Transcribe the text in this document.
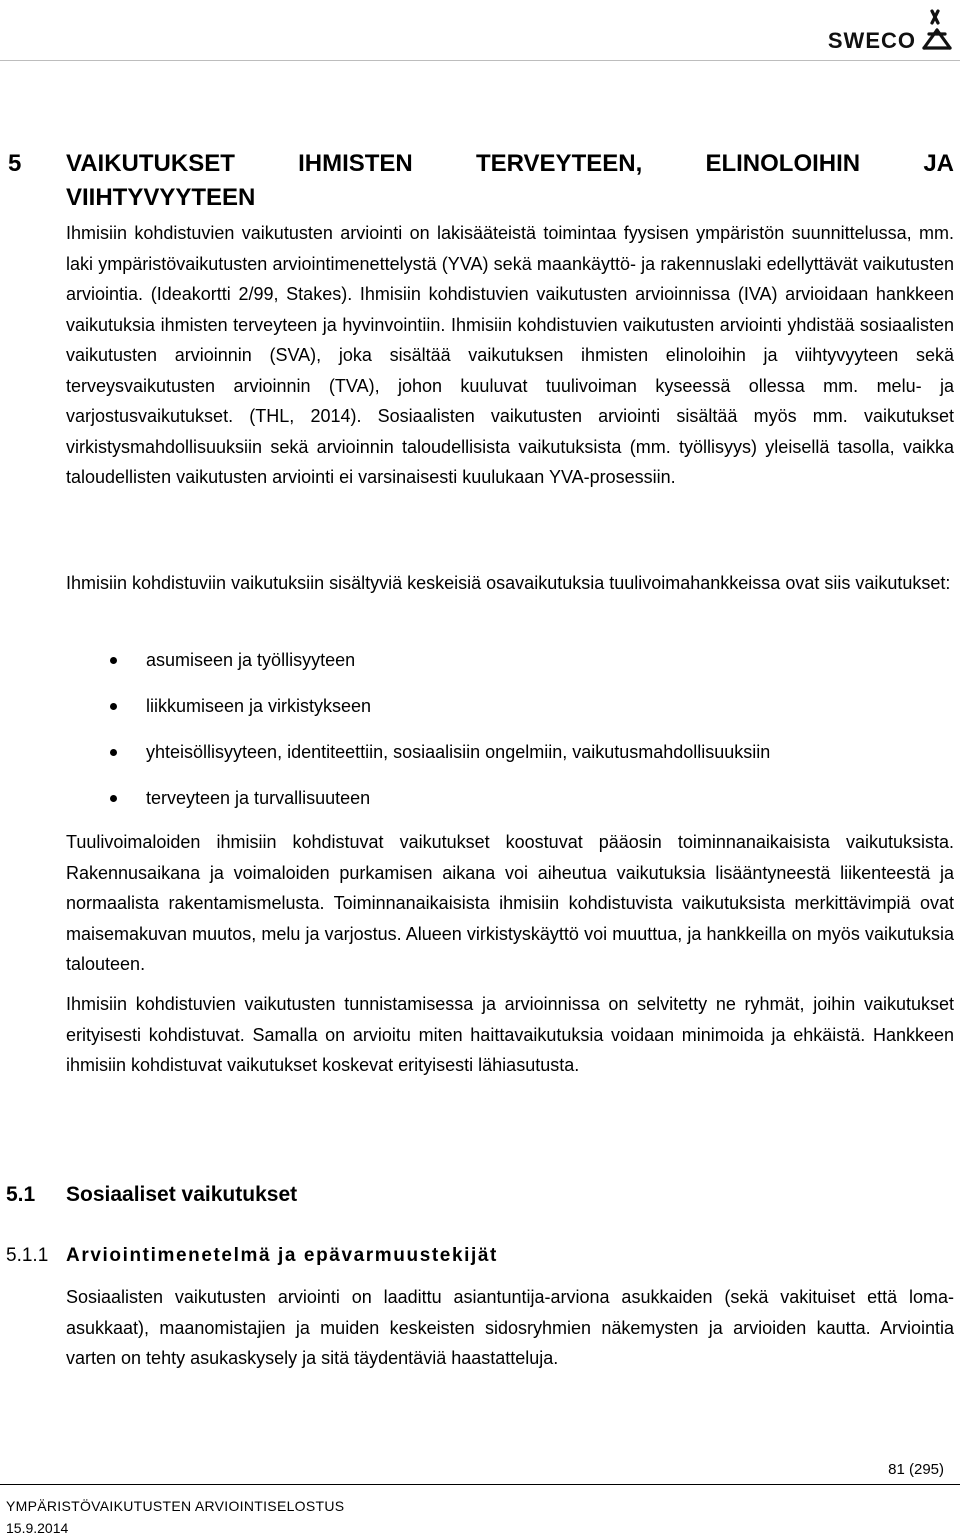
SWECO
5 VAIKUTUKSET IHMISTEN TERVEYTEEN, ELINOLOIHIN JA
VIIHTYVYYTEEN

Ihmisiin kohdistuvien vaikutusten arviointi on lakisääteistä toimintaa fyysisen ympäristön suunnittelussa, mm. laki ympäristövaikutusten arviointimenettelystä (YVA) sekä maankäyttö- ja rakennuslaki edellyttävät vaikutusten arviointia. (Ideakortti 2/99, Stakes). Ihmisiin kohdistuvien vaikutusten arvioinnissa (IVA) arvioidaan hankkeen vaikutuksia ihmisten terveyteen ja hyvinvointiin. Ihmisiin kohdistuvien vaikutusten arviointi yhdistää sosiaalisten vaikutusten arvioinnin (SVA), joka sisältää vaikutuksen ihmisten elinoloihin ja viihtyvyyteen sekä terveysvaikutusten arvioinnin (TVA), johon kuuluvat tuulivoiman kyseessä ollessa mm. melu- ja varjostusvaikutukset. (THL, 2014). Sosiaalisten vaikutusten arviointi sisältää myös mm. vaikutukset virkistysmahdollisuuksiin sekä arvioinnin taloudellisista vaikutuksista (mm. työllisyys) yleisellä tasolla, vaikka taloudellisten vaikutusten arviointi ei varsinaisesti kuulukaan YVA-prosessiin.

Ihmisiin kohdistuviin vaikutuksiin sisältyviä keskeisiä osavaikutuksia tuulivoimahankkeissa ovat siis vaikutukset:

asumiseen ja työllisyyteen
liikkumiseen ja virkistykseen
yhteisöllisyyteen, identiteettiin, sosiaalisiin ongelmiin, vaikutusmahdollisuuksiin
terveyteen ja turvallisuuteen

Tuulivoimaloiden ihmisiin kohdistuvat vaikutukset koostuvat pääosin toiminnanaikaisista vaikutuksista. Rakennusaikana ja voimaloiden purkamisen aikana voi aiheutua vaikutuksia lisääntyneestä liikenteestä ja normaalista rakentamismelusta. Toiminnanaikaisista ihmisiin kohdistuvista vaikutuksista merkittävimpiä ovat maisemakuvan muutos, melu ja varjostus. Alueen virkistyskäyttö voi muuttua, ja hankkeilla on myös vaikutuksia talouteen.

Ihmisiin kohdistuvien vaikutusten tunnistamisessa ja arvioinnissa on selvitetty ne ryhmät, joihin vaikutukset erityisesti kohdistuvat. Samalla on arvioitu miten haittavaikutuksia voidaan minimoida ja ehkäistä. Hankkeen ihmisiin kohdistuvat vaikutukset koskevat erityisesti lähiasutusta.

5.1 Sosiaaliset vaikutukset
5.1.1 Arviointimenetelmä ja epävarmuustekijät

Sosiaalisten vaikutusten arviointi on laadittu asiantuntija-arviona asukkaiden (sekä vakituiset että loma-asukkaat), maanomistajien ja muiden keskeisten sidosryhmien näkemysten ja arvioiden kautta. Arviointia varten on tehty asukaskysely ja sitä täydentäviä haastatteluja.

81 (295)
YMPÄRISTÖVAIKUTUSTEN ARVIOINTISELOSTUS
15.9.2014
